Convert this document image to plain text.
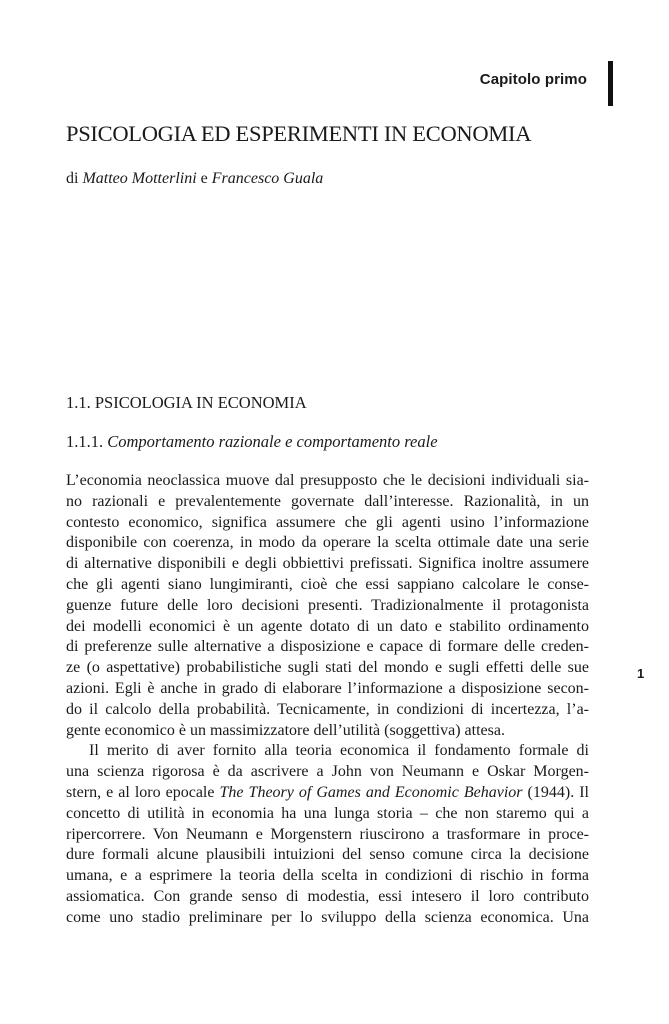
Capitolo primo
1
PSICOLOGIA ED ESPERIMENTI IN ECONOMIA
di Matteo Motterlini e Francesco Guala
1.1. PSICOLOGIA IN ECONOMIA
1.1.1. Comportamento razionale e comportamento reale
L’economia neoclassica muove dal presupposto che le decisioni individuali sia-
no razionali e prevalentemente governate dall’interesse. Razionalità, in un
contesto economico, significa assumere che gli agenti usino l’informazione
disponibile con coerenza, in modo da operare la scelta ottimale date una serie
di alternative disponibili e degli obbiettivi prefissati. Significa inoltre assumere
che gli agenti siano lungimiranti, cioè che essi sappiano calcolare le conse-
guenze future delle loro decisioni presenti. Tradizionalmente il protagonista
dei modelli economici è un agente dotato di un dato e stabilito ordinamento
di preferenze sulle alternative a disposizione e capace di formare delle creden-
ze (o aspettative) probabilistiche sugli stati del mondo e sugli effetti delle sue
azioni. Egli è anche in grado di elaborare l’informazione a disposizione secon-
do il calcolo della probabilità. Tecnicamente, in condizioni di incertezza, l’a-
gente economico è un massimizzatore dell’utilità (soggettiva) attesa.
Il merito di aver fornito alla teoria economica il fondamento formale di
una scienza rigorosa è da ascrivere a John von Neumann e Oskar Morgen-
stern, e al loro epocale The Theory of Games and Economic Behavior (1944). Il
concetto di utilità in economia ha una lunga storia – che non staremo qui a
ripercorrere. Von Neumann e Morgenstern riuscirono a trasformare in proce-
dure formali alcune plausibili intuizioni del senso comune circa la decisione
umana, e a esprimere la teoria della scelta in condizioni di rischio in forma
assiomatica. Con grande senso di modestia, essi intesero il loro contributo
come uno stadio preliminare per lo sviluppo della scienza economica. Una
